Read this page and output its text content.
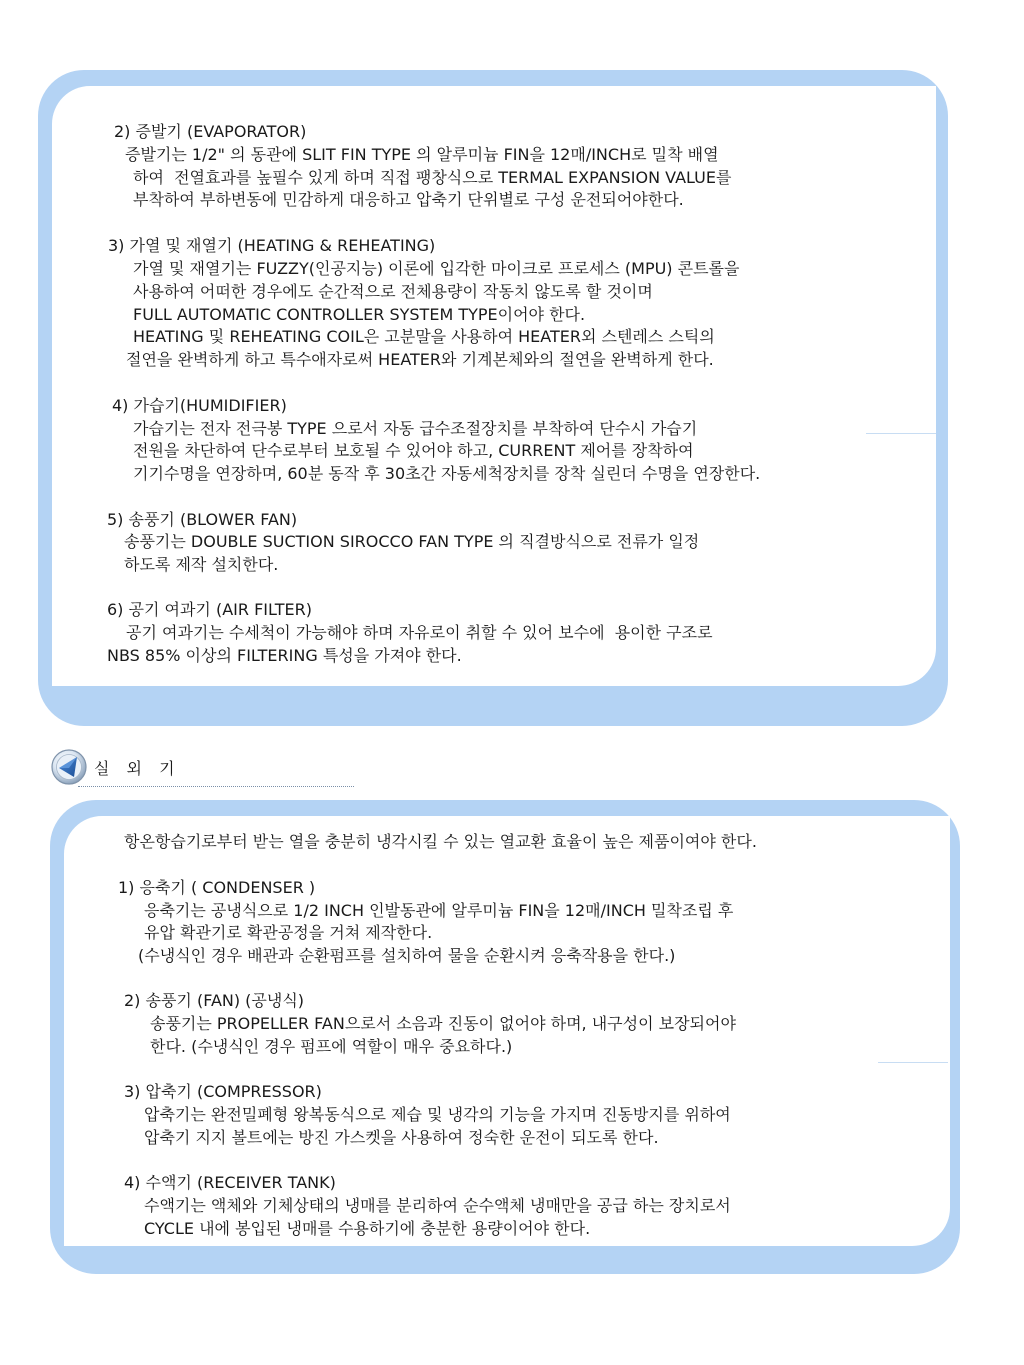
2) 증발기 (EVAPORATOR)
증발기는 1/2" 의 동관에 SLIT FIN TYPE 의 알루미늄 FIN을 12매/INCH로 밀착 배열
하여  전열효과를 높필수 있게 하며 직접 팽창식으로 TERMAL EXPANSION VALUE를
부착하여 부하변동에 민감하게 대응하고 압축기 단위별로 구성 운전되어야한다.
3) 가열 및 재열기 (HEATING & REHEATING)
가열 및 재열기는 FUZZY(인공지능) 이론에 입각한 마이크로 프로세스 (MPU) 콘트롤을
사용하여 어떠한 경우에도 순간적으로 전체용량이 작동치 않도록 할 것이며
FULL AUTOMATIC CONTROLLER SYSTEM TYPE이어야 한다.
HEATING 및 REHEATING COIL은 고분말을 사용하여 HEATER외 스텐레스 스틱의
절연을 완벽하게 하고 특수애자로써 HEATER와 기계본체와의 절연을 완벽하게 한다.
4) 가습기(HUMIDIFIER)
가습기는 전자 전극봉 TYPE 으로서 자동 급수조절장치를 부착하여 단수시 가습기
전원을 차단하여 단수로부터 보호될 수 있어야 하고, CURRENT 제어를 장착하여
기기수명을 연장하며, 60분 동작 후 30초간 자동세척장치를 장착 실린더 수명을 연장한다.
5) 송풍기 (BLOWER FAN)
송풍기는 DOUBLE SUCTION SIROCCO FAN TYPE 의 직결방식으로 전류가 일정
하도록 제작 설치한다.
6) 공기 여과기 (AIR FILTER)
공기 여과기는 수세척이 가능해야 하며 자유로이 취할 수 있어 보수에  용이한 구조로
NBS 85% 이상의 FILTERING 특성을 가져야 한다.
실 외 기
항온항습기로부터 받는 열을 충분히 냉각시킬 수 있는 열교환 효율이 높은 제품이여야 한다.
1) 응축기 ( CONDENSER )
응축기는 공냉식으로 1/2 INCH 인발동관에 알루미늄 FIN을 12매/INCH 밀착조립 후
유압 확관기로 확관공정을 거쳐 제작한다.
(수냉식인 경우 배관과 순환펌프를 설치하여 물을 순환시켜 응축작용을 한다.)
2) 송풍기 (FAN) (공냉식)
송풍기는 PROPELLER FAN으로서 소음과 진동이 없어야 하며, 내구성이 보장되어야
한다. (수냉식인 경우 펌프에 역할이 매우 중요하다.)
3) 압축기 (COMPRESSOR)
압축기는 완전밀폐형 왕복동식으로 제습 및 냉각의 기능을 가지며 진동방지를 위하여
압축기 지지 볼트에는 방진 가스켓을 사용하여 정숙한 운전이 되도록 한다.
4) 수액기 (RECEIVER TANK)
수액기는 액체와 기체상태의 냉매를 분리하여 순수액체 냉매만을 공급 하는 장치로서
CYCLE 내에 봉입된 냉매를 수용하기에 충분한 용량이어야 한다.
